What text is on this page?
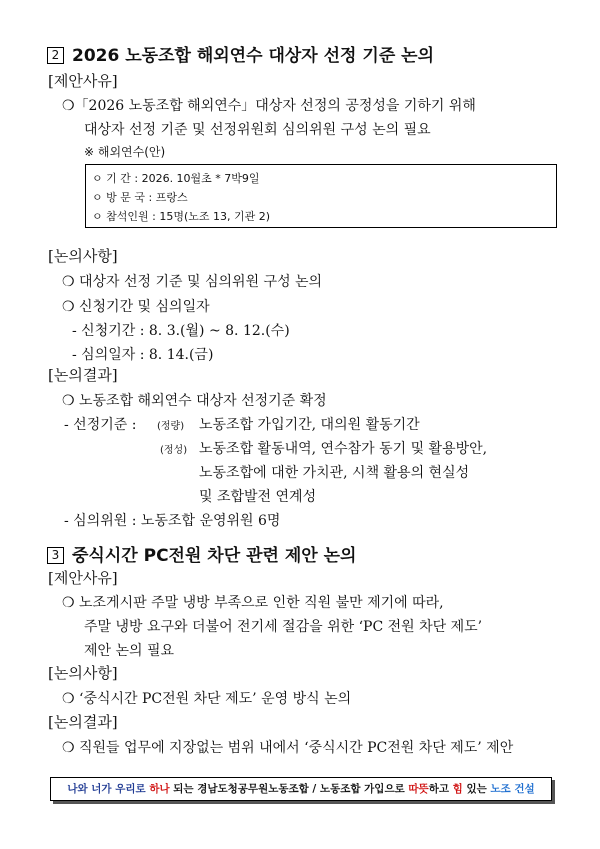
2 2026 노동조합 해외연수 대상자 선정 기준 논의
[제안사유]
❍「2026 노동조합 해외연수」대상자 선정의 공정성을 기하기 위해
대상자 선정 기준 및 선정위원회 심의위원 구성 논의 필요
※ 해외연수(안)
ㅇ 기 간 : 2026. 10월초 * 7박9일
ㅇ 방 문 국 : 프랑스
ㅇ 참석인원 : 15명(노조 13, 기관 2)
[논의사항]
❍ 대상자 선정 기준 및 심의위원 구성 논의
❍ 신청기간 및 심의일자
- 신청기간 : 8. 3.(월) ~ 8. 12.(수)
- 심의일자 : 8. 14.(금)
[논의결과]
❍ 노동조합 해외연수 대상자 선정기준 확정
- 선정기준 : (정량) 노동조합 가입기간, 대의원 활동기간
(정성) 노동조합 활동내역, 연수참가 동기 및 활용방안,
노동조합에 대한 가치관, 시책 활용의 현실성
및 조합발전 연계성
- 심의위원 : 노동조합 운영위원 6명
3 중식시간 PC전원 차단 관련 제안 논의
[제안사유]
❍ 노조게시판 주말 냉방 부족으로 인한 직원 불만 제기에 따라,
주말 냉방 요구와 더불어 전기세 절감을 위한 ‘PC 전원 차단 제도’
제안 논의 필요
[논의사항]
❍ ‘중식시간 PC전원 차단 제도’ 운영 방식 논의
[논의결과]
❍ 직원들 업무에 지장없는 범위 내에서 ‘중식시간 PC전원 차단 제도’ 제안
나와 너가 우리로 하나 되는 경남도청공무원노동조합 / 노동조합 가입으로 따뜻하고 힘 있는 노조 건설
